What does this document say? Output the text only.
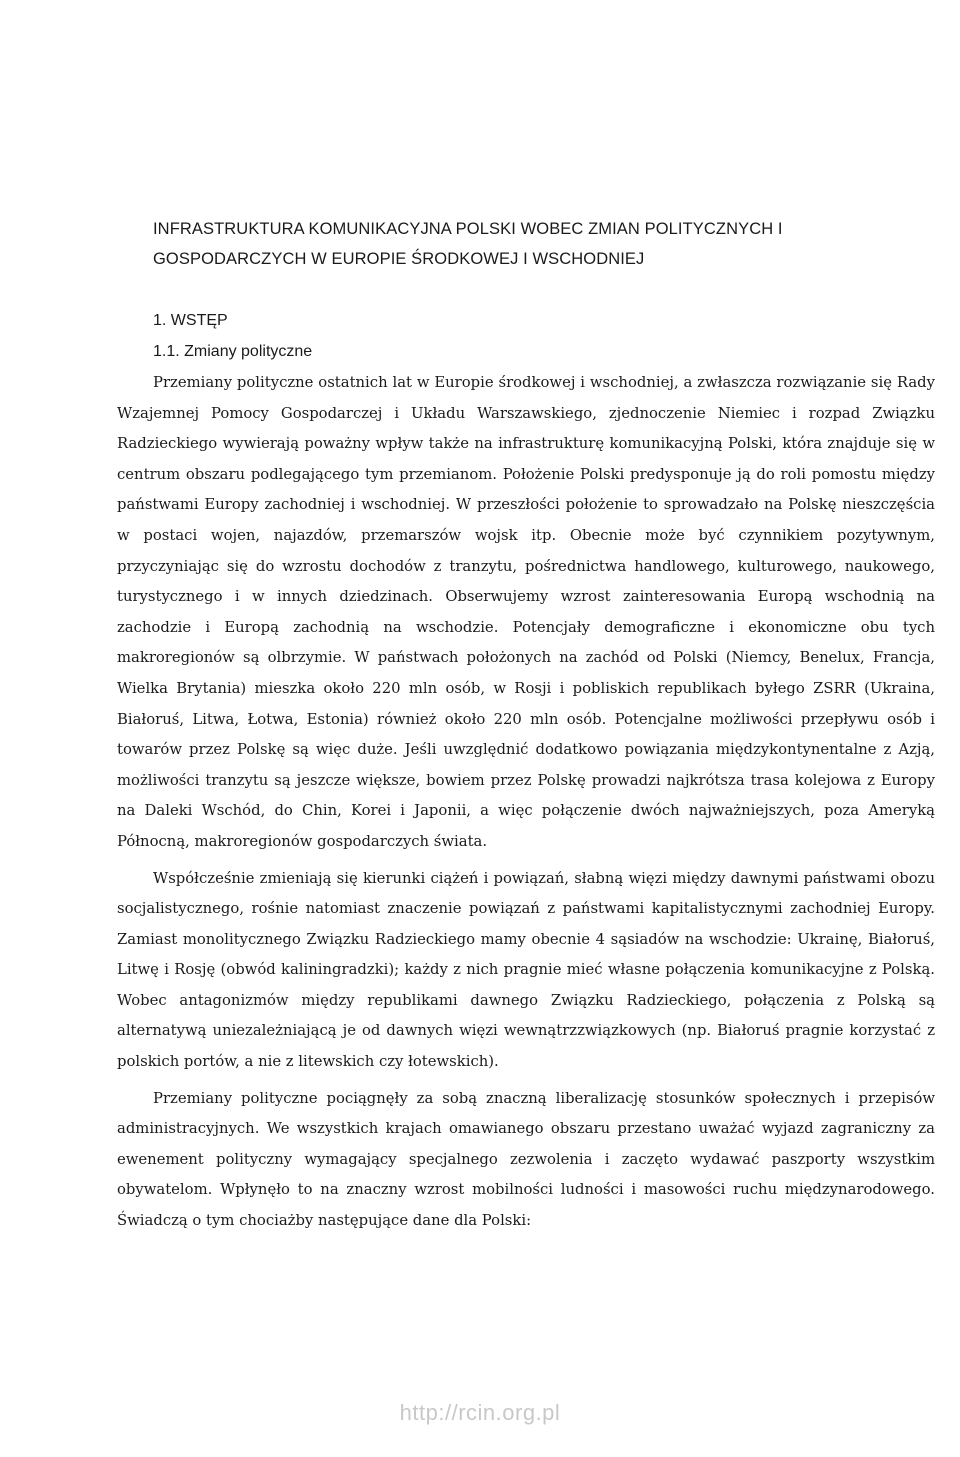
INFRASTRUKTURA KOMUNIKACYJNA POLSKI WOBEC ZMIAN POLITYCZNYCH I GOSPODARCZYCH W EUROPIE ŚRODKOWEJ I WSCHODNIEJ
1. WSTĘP
1.1. Zmiany polityczne

Przemiany polityczne ostatnich lat w Europie środkowej i wschodniej, a zwłaszcza rozwiązanie się Rady Wzajemnej Pomocy Gospodarczej i Układu Warszawskiego, zjednoczenie Niemiec i rozpad Związku Radzieckiego wywierają poważny wpływ także na infrastrukturę komunikacyjną Polski, która znajduje się w centrum obszaru podlegającego tym przemianom. Położenie Polski predysponuje ją do roli pomostu między państwami Europy zachodniej i wschodniej. W przeszłości położenie to sprowadzało na Polskę nieszczęścia w postaci wojen, najazdów, przemarszów wojsk itp. Obecnie może być czynnikiem pozytywnym, przyczyniając się do wzrostu dochodów z tranzytu, pośrednictwa handlowego, kulturowego, naukowego, turystycznego i w innych dziedzinach. Obserwujemy wzrost zainteresowania Europą wschodnią na zachodzie i Europą zachodnią na wschodzie. Potencjały demograficzne i ekonomiczne obu tych makroregionów są olbrzymie. W państwach położonych na zachód od Polski (Niemcy, Benelux, Francja, Wielka Brytania) mieszka około 220 mln osób, w Rosji i pobliskich republikach byłego ZSRR (Ukraina, Białoruś, Litwa, Łotwa, Estonia) również około 220 mln osób. Potencjalne możliwości przepływu osób i towarów przez Polskę są więc duże. Jeśli uwzględnić dodatkowo powiązania międzykontynentalne z Azją, możliwości tranzytu są jeszcze większe, bowiem przez Polskę prowadzi najkrótsza trasa kolejowa z Europy na Daleki Wschód, do Chin, Korei i Japonii, a więc połączenie dwóch najważniejszych, poza Ameryką Północną, makroregionów gospodarczych świata.

Współcześnie zmieniają się kierunki ciążeń i powiązań, słabną więzi między dawnymi państwami obozu socjalistycznego, rośnie natomiast znaczenie powiązań z państwami kapitalistycznymi zachodniej Europy. Zamiast monolitycznego Związku Radzieckiego mamy obecnie 4 sąsiadów na wschodzie: Ukrainę, Białoruś, Litwę i Rosję (obwód kaliningradzki); każdy z nich pragnie mieć własne połączenia komunikacyjne z Polską. Wobec antagonizmów między republikami dawnego Związku Radzieckiego, połączenia z Polską są alternatywą uniezależniającą je od dawnych więzi wewnątrzzwiązkowych (np. Białoruś pragnie korzystać z polskich portów, a nie z litewskich czy łotewskich).

Przemiany polityczne pociągnęły za sobą znaczną liberalizację stosunków społecznych i przepisów administracyjnych. We wszystkich krajach omawianego obszaru przestano uważać wyjazd zagraniczny za ewenement polityczny wymagający specjalnego zezwolenia i zaczęto wydawać paszporty wszystkim obywatelom. Wpłynęło to na znaczny wzrost mobilności ludności i masowości ruchu międzynarodowego. Świadczą o tym chociażby następujące dane dla Polski:

http://rcin.org.pl
